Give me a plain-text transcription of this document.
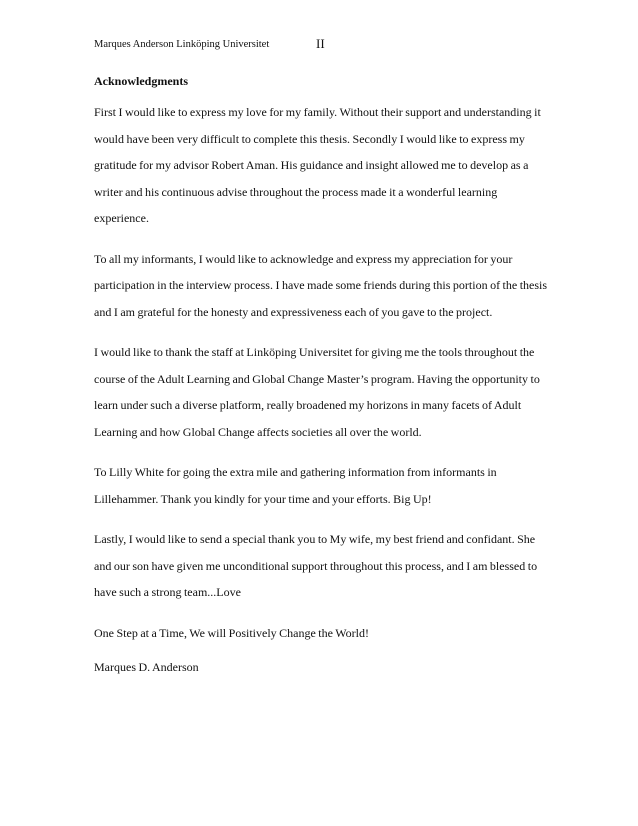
Marques Anderson Linköping Universitet	II
Acknowledgments

First I would like to express my love for my family. Without their support and understanding it would have been very difficult to complete this thesis. Secondly I would like to express my gratitude for my advisor Robert Aman. His guidance and insight allowed me to develop as a writer and his continuous advise throughout the process made it a wonderful learning experience.

To all my informants, I would like to acknowledge and express my appreciation for your participation in the interview process. I have made some friends during this portion of the thesis and I am grateful for the honesty and expressiveness each of you gave to the project.

I would like to thank the staff at Linköping Universitet for giving me the tools throughout the course of the Adult Learning and Global Change Master’s program. Having the opportunity to learn under such a diverse platform, really broadened my horizons in many facets of Adult Learning and how Global Change affects societies all over the world.

To Lilly White for going the extra mile and gathering information from informants in Lillehammer. Thank you kindly for your time and your efforts. Big Up!

Lastly, I would like to send a special thank you to My wife, my best friend and confidant. She and our son have given me unconditional support throughout this process, and I am blessed to have such a strong team...Love

One Step at a Time, We will Positively Change the World!

Marques D. Anderson
